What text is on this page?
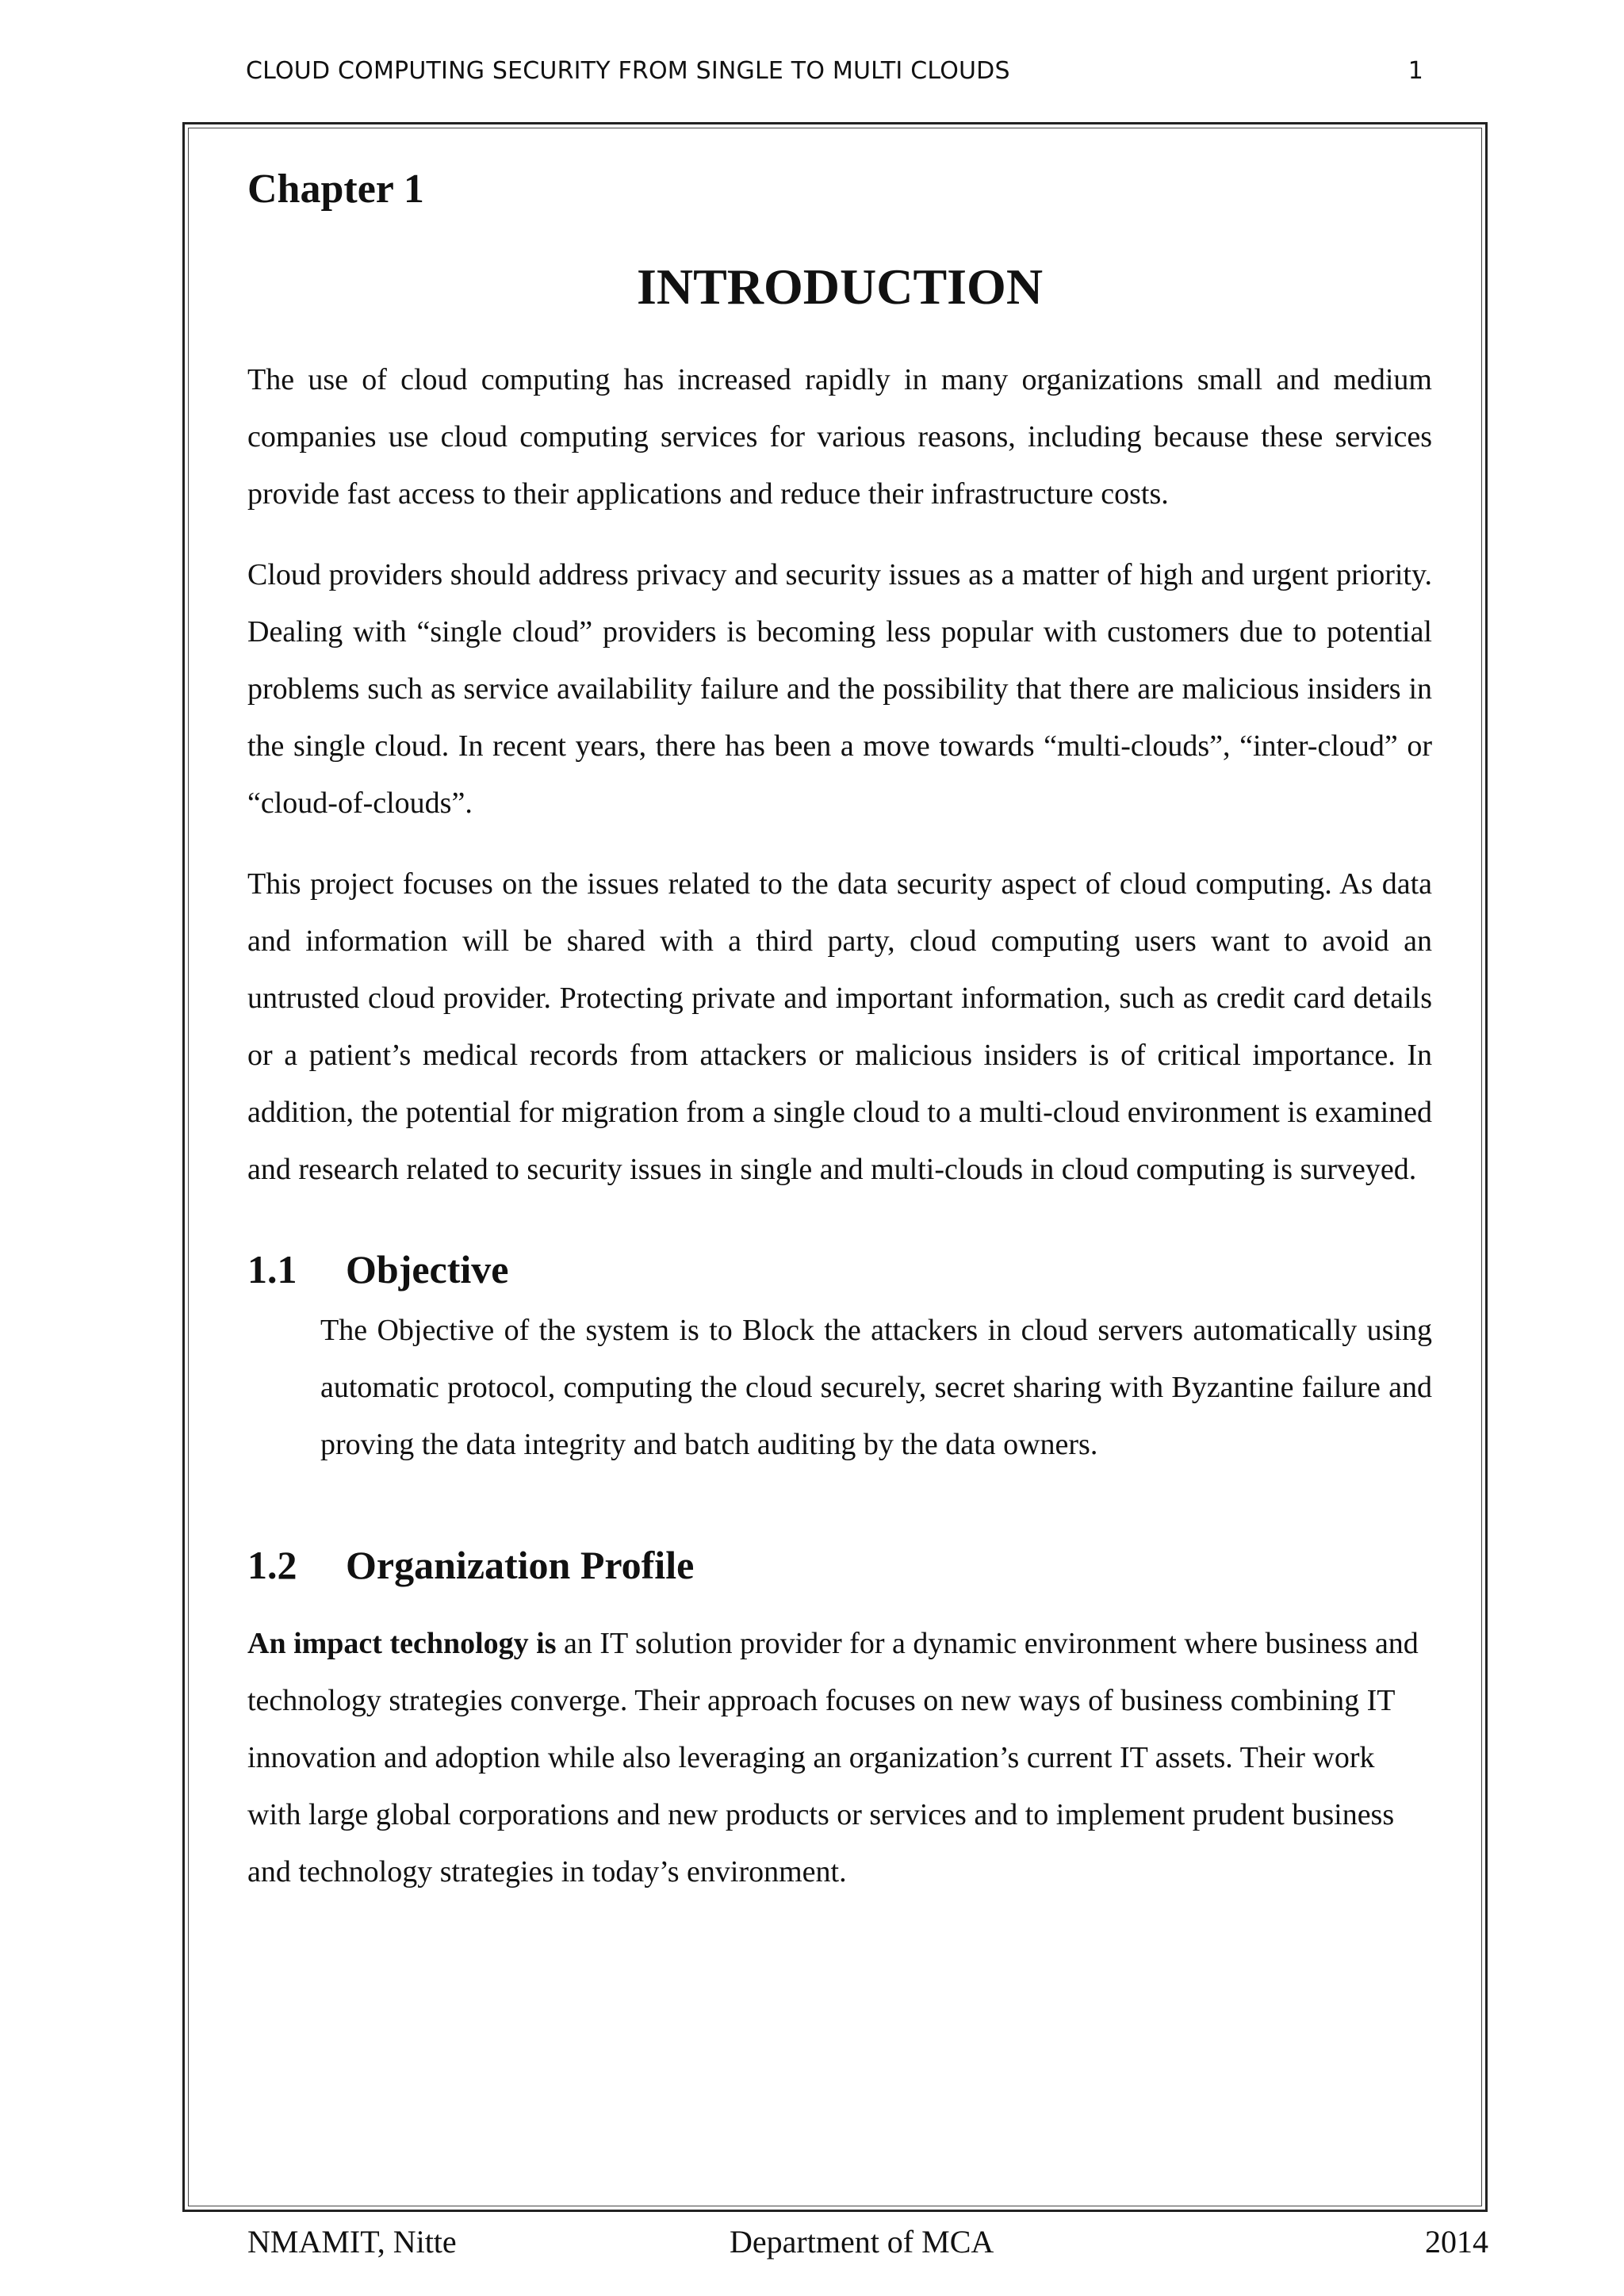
CLOUD COMPUTING SECURITY FROM SINGLE TO MULTI CLOUDS	1
Chapter 1
INTRODUCTION

The use of cloud computing has increased rapidly in many organizations small and medium companies use cloud computing services for various reasons, including because these services provide fast access to their applications and reduce their infrastructure costs.

Cloud providers should address privacy and security issues as a matter of high and urgent priority. Dealing with “single cloud” providers is becoming less popular with customers due to potential problems such as service availability failure and the possibility that there are malicious insiders in the single cloud. In recent years, there has been a move towards “multi-clouds”, “inter-cloud” or “cloud-of-clouds”.

This project focuses on the issues related to the data security aspect of cloud computing. As data and information will be shared with a third party, cloud computing users want to avoid an untrusted cloud provider. Protecting private and important information, such as credit card details or a patient’s medical records from attackers or malicious insiders is of critical importance. In addition, the potential for migration from a single cloud to a multi-cloud environment is examined and research related to security issues in single and multi-clouds in cloud computing is surveyed.

1.1 Objective

The Objective of the system is to Block the attackers in cloud servers automatically using automatic protocol, computing the cloud securely, secret sharing with Byzantine failure and proving the data integrity and batch auditing by the data owners.

1.2 Organization Profile

An impact technology is an IT solution provider for a dynamic environment where business and technology strategies converge. Their approach focuses on new ways of business combining IT innovation and adoption while also leveraging an organization’s current IT assets. Their work with large global corporations and new products or services and to implement prudent business and technology strategies in today’s environment.

NMAMIT, Nitte	Department of MCA	2014
